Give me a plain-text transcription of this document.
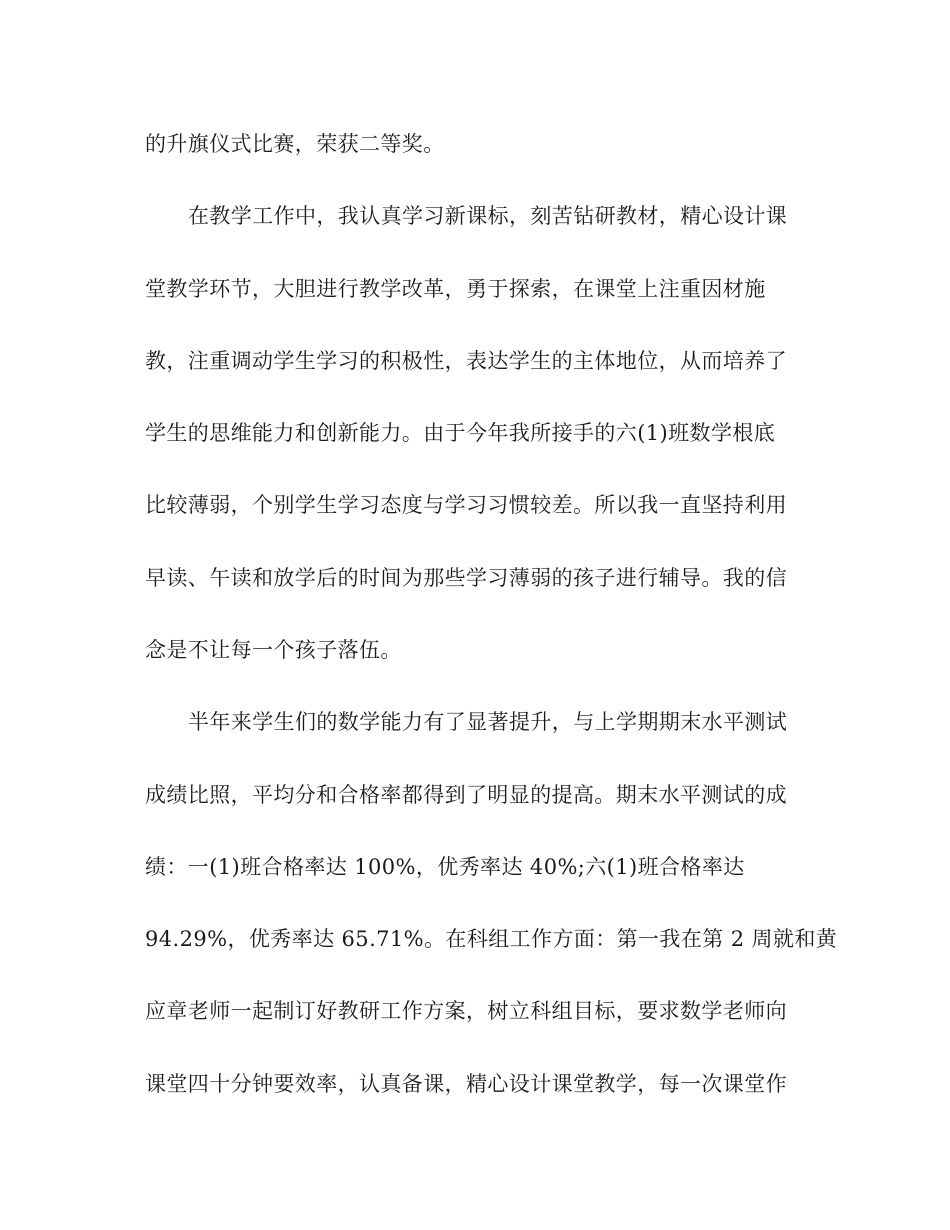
的升旗仪式比赛，荣获二等奖。
在教学工作中，我认真学习新课标，刻苦钻研教材，精心设计课
堂教学环节，大胆进行教学改革，勇于探索，在课堂上注重因材施
教，注重调动学生学习的积极性，表达学生的主体地位，从而培养了
学生的思维能力和创新能力。由于今年我所接手的六(1)班数学根底
比较薄弱，个别学生学习态度与学习习惯较差。所以我一直坚持利用
早读、午读和放学后的时间为那些学习薄弱的孩子进行辅导。我的信
念是不让每一个孩子落伍。
半年来学生们的数学能力有了显著提升，与上学期期末水平测试
成绩比照，平均分和合格率都得到了明显的提高。期末水平测试的成
绩：一(1)班合格率达 100%，优秀率达 40%;六(1)班合格率达
94.29%，优秀率达 65.71%。在科组工作方面：第一我在第 2 周就和黄
应章老师一起制订好教研工作方案，树立科组目标，要求数学老师向
课堂四十分钟要效率，认真备课，精心设计课堂教学，每一次课堂作
